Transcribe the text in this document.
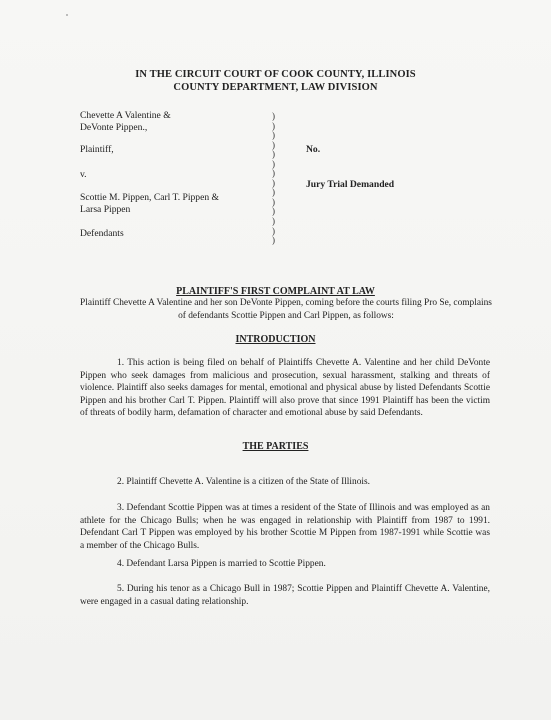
IN THE CIRCUIT COURT OF COOK COUNTY, ILLINOIS
COUNTY DEPARTMENT, LAW DIVISION
Chevette A Valentine &
DeVonte Pippen.,
Plaintiff,
v.
Scottie M. Pippen, Carl T. Pippen &
Larsa Pippen
Defendants
)
)
)
)
)
)
)
)
)
)
)
)
)
)
No.
Jury Trial Demanded
PLAINTIFF'S FIRST COMPLAINT AT LAW
Plaintiff Chevette A Valentine and her son DeVonte Pippen, coming before the courts filing Pro Se, complains of defendants Scottie Pippen and Carl Pippen, as follows:
INTRODUCTION
1. This action is being filed on behalf of Plaintiffs Chevette A. Valentine and her child DeVonte Pippen who seek damages from malicious and prosecution, sexual harassment, stalking and threats of violence. Plaintiff also seeks damages for mental, emotional and physical abuse by listed Defendants Scottie Pippen and his brother Carl T. Pippen. Plaintiff will also prove that since 1991 Plaintiff has been the victim of threats of bodily harm, defamation of character and emotional abuse by said Defendants.
THE PARTIES
2. Plaintiff Chevette A. Valentine is a citizen of the State of Illinois.
3. Defendant Scottie Pippen was at times a resident of the State of Illinois and was employed as an athlete for the Chicago Bulls; when he was engaged in relationship with Plaintiff from 1987 to 1991. Defendant Carl T Pippen was employed by his brother Scottie M Pippen from 1987-1991 while Scottie was a member of the Chicago Bulls.
4. Defendant Larsa Pippen is married to Scottie Pippen.
5. During his tenor as a Chicago Bull in 1987; Scottie Pippen and Plaintiff Chevette A. Valentine, were engaged in a casual dating relationship.
